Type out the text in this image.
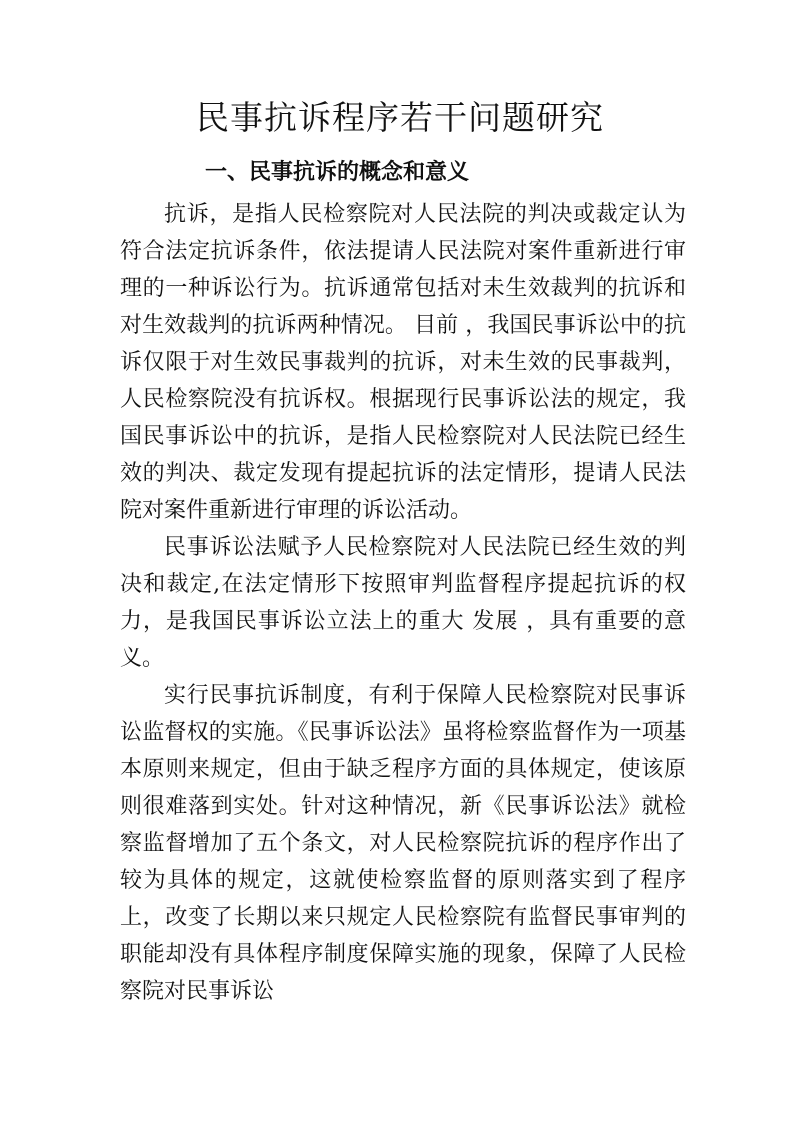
民事抗诉程序若干问题研究
一、民事抗诉的概念和意义

抗诉，是指人民检察院对人民法院的判决或裁定认为符合法定抗诉条件，依法提请人民法院对案件重新进行审理的一种诉讼行为。抗诉通常包括对未生效裁判的抗诉和对生效裁判的抗诉两种情况。 目前 ，我国民事诉讼中的抗诉仅限于对生效民事裁判的抗诉，对未生效的民事裁判，人民检察院没有抗诉权。根据现行民事诉讼法的规定，我国民事诉讼中的抗诉，是指人民检察院对人民法院已经生效的判决、裁定发现有提起抗诉的法定情形，提请人民法院对案件重新进行审理的诉讼活动。

民事诉讼法赋予人民检察院对人民法院已经生效的判决和裁定,在法定情形下按照审判监督程序提起抗诉的权力，是我国民事诉讼立法上的重大 发展 ，具有重要的意义。

实行民事抗诉制度，有利于保障人民检察院对民事诉讼监督权的实施。《民事诉讼法》虽将检察监督作为一项基本原则来规定，但由于缺乏程序方面的具体规定，使该原则很难落到实处。针对这种情况，新《民事诉讼法》就检察监督增加了五个条文，对人民检察院抗诉的程序作出了较为具体的规定，这就使检察监督的原则落实到了程序上，改变了长期以来只规定人民检察院有监督民事审判的职能却没有具体程序制度保障实施的现象，保障了人民检察院对民事诉讼
